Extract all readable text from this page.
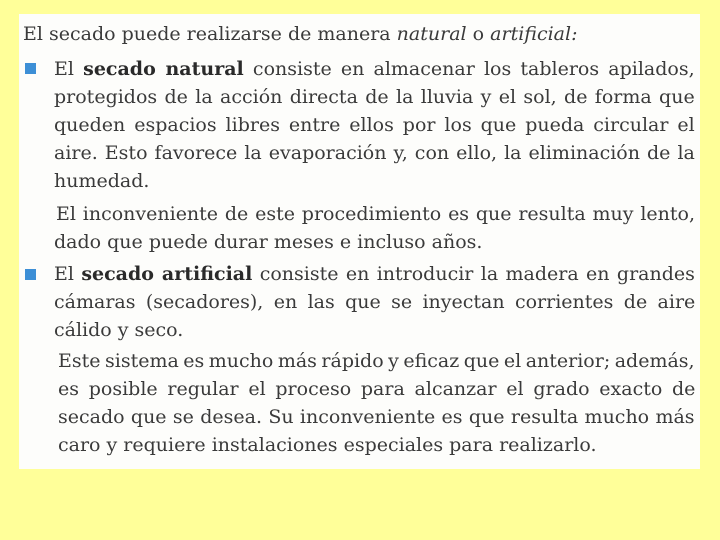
El secado puede realizarse de manera natural o artificial:
El secado natural consiste en almacenar los tableros apilados,
protegidos de la acción directa de la lluvia y el sol, de forma que
queden espacios libres entre ellos por los que pueda circular el
aire. Esto favorece la evaporación y, con ello, la eliminación de la
humedad.
El inconveniente de este procedimiento es que resulta muy lento,
dado que puede durar meses e incluso años.
El secado artificial consiste en introducir la madera en grandes
cámaras (secadores), en las que se inyectan corrientes de aire
cálido y seco.
Este sistema es mucho más rápido y eficaz que el anterior; además,
es posible regular el proceso para alcanzar el grado exacto de
secado que se desea. Su inconveniente es que resulta mucho más
caro y requiere instalaciones especiales para realizarlo.
